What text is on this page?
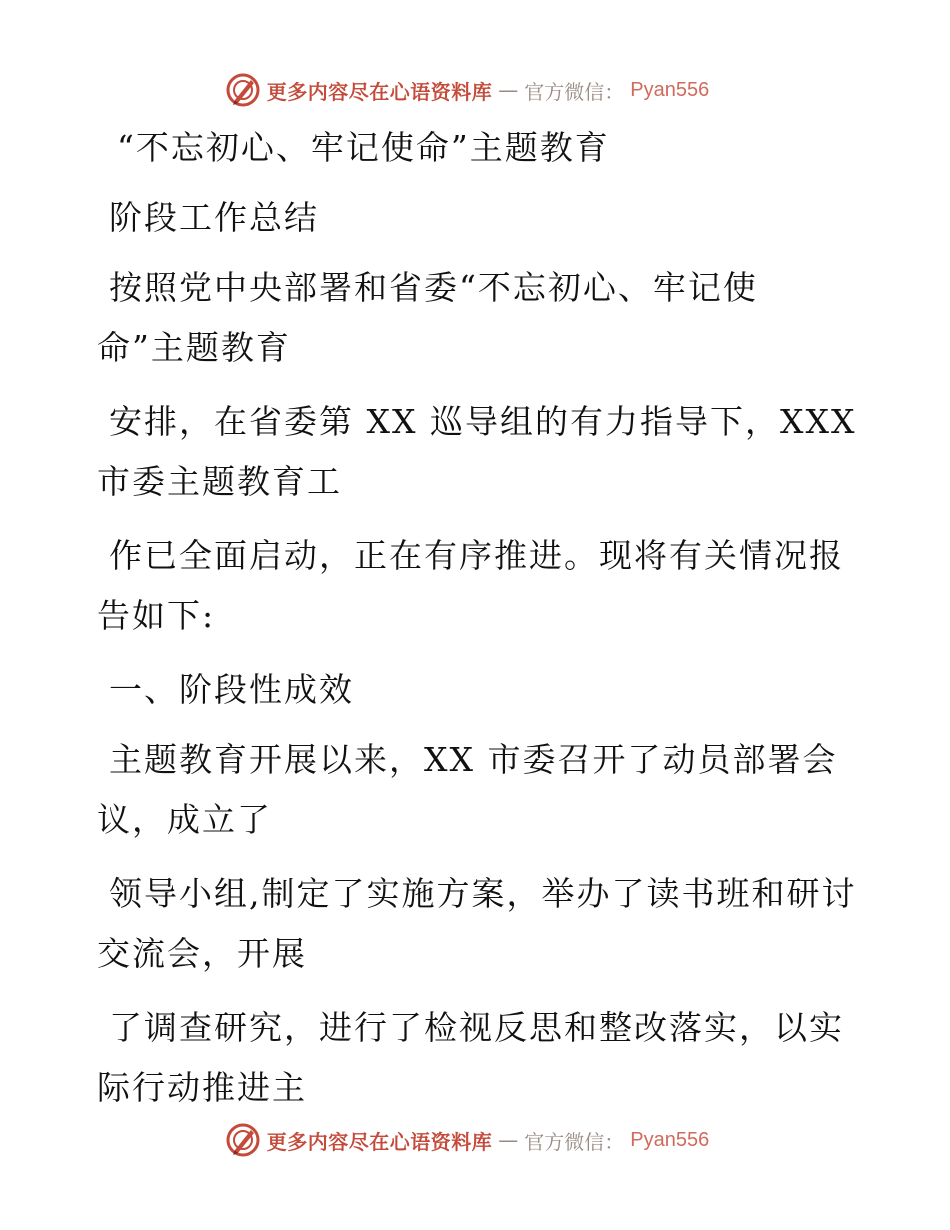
更多内容尽在心语资料库 — 官方微信： Pyan556

“不忘初心、牢记使命”主题教育

阶段工作总结

按照党中央部署和省委“不忘初心、牢记使
命”主题教育

安排，在省委第 XX 巡导组的有力指导下，XXX
市委主题教育工

作已全面启动，正在有序推进。现将有关情况报
告如下:

一、阶段性成效

主题教育开展以来，XX 市委召开了动员部署会
议，成立了

领导小组,制定了实施方案，举办了读书班和研讨
交流会，开展

了调查研究，进行了检视反思和整改落实，以实
际行动推进主

更多内容尽在心语资料库 — 官方微信： Pyan556
